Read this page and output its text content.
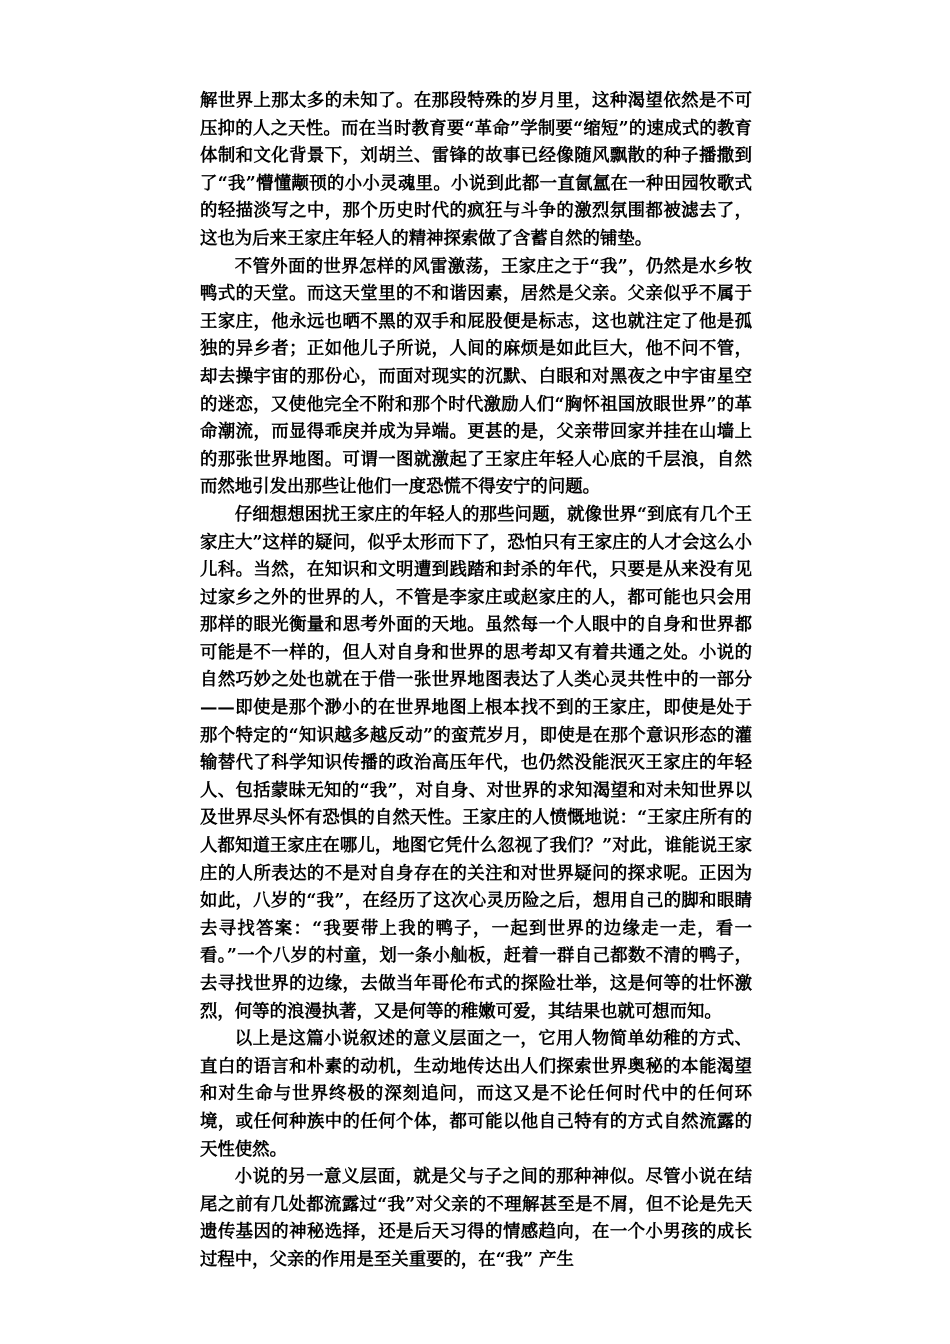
解世界上那太多的未知了。在那段特殊的岁月里，这种渴望依然是不可压抑的人之天性。而在当时教育要“革命”学制要“缩短”的速成式的教育体制和文化背景下，刘胡兰、雷锋的故事已经像随风飘散的种子播撒到了“我”懵懂颟顸的小小灵魂里。小说到此都一直氤氲在一种田园牧歌式的轻描淡写之中，那个历史时代的疯狂与斗争的激烈氛围都被滤去了，这也为后来王家庄年轻人的精神探索做了含蓄自然的铺垫。

不管外面的世界怎样的风雷激荡，王家庄之于“我”，仍然是水乡牧鸭式的天堂。而这天堂里的不和谐因素，居然是父亲。父亲似乎不属于王家庄，他永远也晒不黑的双手和屁股便是标志，这也就注定了他是孤独的异乡者；正如他儿子所说，人间的麻烦是如此巨大，他不问不管，却去操宇宙的那份心，而面对现实的沉默、白眼和对黑夜之中宇宙星空的迷恋，又使他完全不附和那个时代激励人们“胸怀祖国放眼世界”的革命潮流，而显得乖戾并成为异端。更甚的是，父亲带回家并挂在山墙上的那张世界地图。可谓一图就激起了王家庄年轻人心底的千层浪，自然而然地引发出那些让他们一度恐慌不得安宁的问题。

仔细想想困扰王家庄的年轻人的那些问题，就像世界“到底有几个王家庄大”这样的疑问，似乎太形而下了，恐怕只有王家庄的人才会这么小儿科。当然，在知识和文明遭到践踏和封杀的年代，只要是从来没有见过家乡之外的世界的人，不管是李家庄或赵家庄的人，都可能也只会用那样的眼光衡量和思考外面的天地。虽然每一个人眼中的自身和世界都可能是不一样的，但人对自身和世界的思考却又有着共通之处。小说的自然巧妙之处也就在于借一张世界地图表达了人类心灵共性中的一部分——即使是那个渺小的在世界地图上根本找不到的王家庄，即使是处于那个特定的“知识越多越反动”的蛮荒岁月，即使是在那个意识形态的灌输替代了科学知识传播的政治高压年代，也仍然没能泯灭王家庄的年轻人、包括蒙昧无知的“我”，对自身、对世界的求知渴望和对未知世界以及世界尽头怀有恐惧的自然天性。王家庄的人愤慨地说：“王家庄所有的人都知道王家庄在哪儿，地图它凭什么忽视了我们？”对此，谁能说王家庄的人所表达的不是对自身存在的关注和对世界疑问的探求呢。正因为如此，八岁的“我”，在经历了这次心灵历险之后，想用自己的脚和眼睛去寻找答案：“我要带上我的鸭子，一起到世界的边缘走一走，看一看。”一个八岁的村童，划一条小舢板，赶着一群自己都数不清的鸭子，去寻找世界的边缘，去做当年哥伦布式的探险壮举，这是何等的壮怀激烈，何等的浪漫执著，又是何等的稚嫩可爱，其结果也就可想而知。

以上是这篇小说叙述的意义层面之一，它用人物简单幼稚的方式、直白的语言和朴素的动机，生动地传达出人们探索世界奥秘的本能渴望和对生命与世界终极的深刻追问，而这又是不论任何时代中的任何环境，或任何种族中的任何个体，都可能以他自己特有的方式自然流露的天性使然。

小说的另一意义层面，就是父与子之间的那种神似。尽管小说在结尾之前有几处都流露过“我”对父亲的不理解甚至是不屑，但不论是先天遗传基因的神秘选择，还是后天习得的情感趋向，在一个小男孩的成长过程中，父亲的作用是至关重要的，在“我” 产生
